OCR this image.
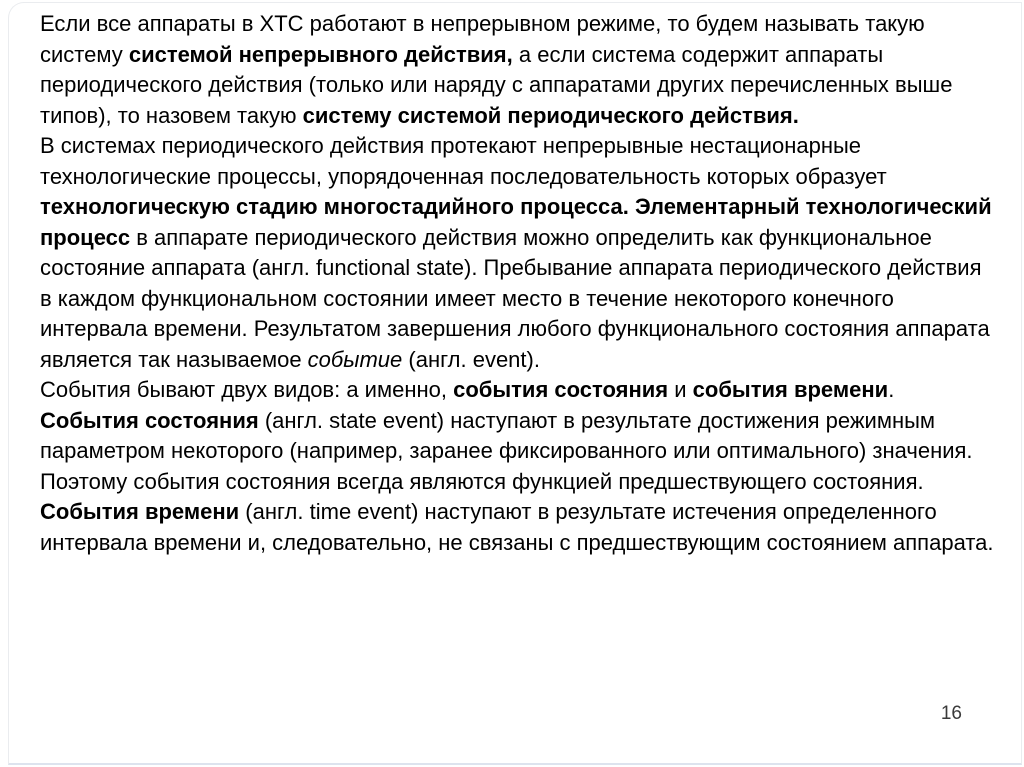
Если все аппараты в ХТС работают в непрерывном режиме, то будем называть такую систему системой непрерывного действия, а если система содержит аппараты периодического действия (только или наряду с аппаратами других перечисленных выше типов), то назовем такую систему системой периодического действия.

В системах периодического действия протекают непрерывные нестационарные технологические процессы, упорядоченная последовательность которых образует технологическую стадию многостадийного процесса. Элементарный технологический процесс в аппарате периодического действия можно определить как функциональное состояние аппарата (англ. functional state). Пребывание аппарата периодического действия в каждом функциональном состоянии имеет место в течение некоторого конечного интервала времени. Результатом завершения любого функционального состояния аппарата является так называемое событие (англ. event).

События бывают двух видов: а именно, события состояния и события времени. События состояния (англ. state event) наступают в результате достижения режимным параметром некоторого (например, заранее фиксированного или оптимального) значения. Поэтому события состояния всегда являются функцией предшествующего состояния.

События времени (англ. time event) наступают в результате истечения определенного интервала времени и, следовательно, не связаны с предшествующим состоянием аппарата.

16
